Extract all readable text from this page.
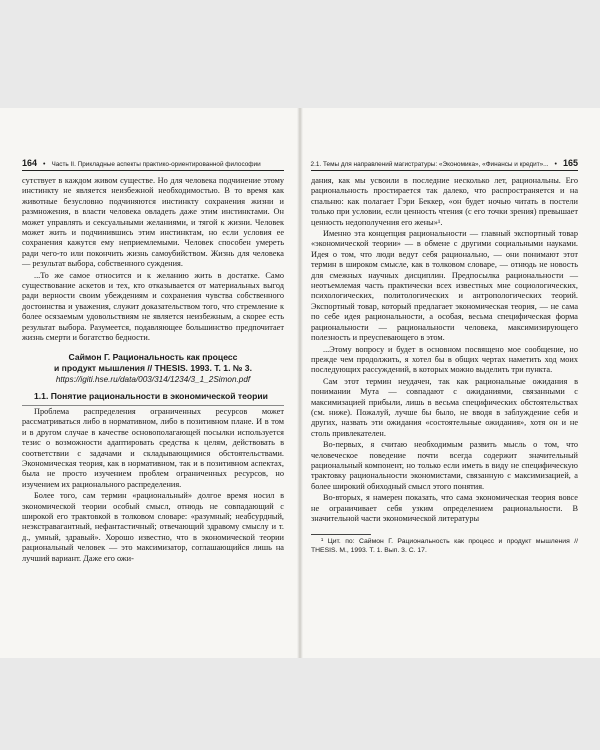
164 • Часть II. Прикладные аспекты практико-ориентированной философии

сутствует в каждом живом существе. Но для человека подчинение этому инстинкту не является неизбежной необходимостью. В то время как животные безусловно подчиняются инстинкту сохранения жизни и размножения, в власти человека овладеть даже этим инстинктами. Он может управлять и сексуальными желаниями, и тягой к жизни. Человек может жить и подчинившись этим инстинктам, но если условия ее сохранения кажутся ему неприемлемыми. Человек способен умереть ради чего-то или покончить жизнь самоубийством. Жизнь для человека — результат выбора, собственного суждения.

...То же самое относится и к желанию жить в достатке. Само существование аскетов и тех, кто отказывается от материальных выгод ради верности своим убеждениям и сохранения чувства собственного достоинства и уважения, служит доказательством того, что стремление к более осязаемым удовольствиям не является неизбежным, а скорее есть результат выбора. Разумеется, подавляющее большинство предпочитает жизнь смерти и богатство бедности.

Саймон Г. Рациональность как процесс
и продукт мышления // THESIS. 1993. Т. 1. № 3.
https://igiti.hse.ru/data/003/314/1234/3_1_2Simon.pdf
1.1. Понятие рациональности в экономической теории

Проблема распределения ограниченных ресурсов может рассматриваться либо в нормативном, либо в позитивном плане. И в том и в другом случае в качестве основополагающей посылки используется тезис о возможности адаптировать средства к целям, действовать в соответствии с задачами и складывающимися обстоятельствами. Экономическая теория, как в нормативном, так и в позитивном аспектах, была не просто изучением проблем ограниченных ресурсов, но изучением их рационального распределения.

Более того, сам термин «рациональный» долгое время носил в экономической теории особый смысл, отнюдь не совпадающий с широкой его трактовкой в толковом словаре: «разумный; неабсурдный, неэкстравагантный, нефантастичный; отвечающий здравому смыслу и т. д., умный, здравый». Хорошо известно, что в экономической теории рациональный человек — это максимизатор, соглашающийся лишь на лучший вариант. Даже его ожи-

2.1. Темы для направлений магистратуры: «Экономика», «Финансы и кредит»... • 165

дания, как мы усвоили в последние несколько лет, рациональны. Его рациональность простирается так далеко, что распространяется и на спальню: как полагает Гэри Беккер, «он будет ночью читать в постели только при условии, если ценность чтения (с его точки зрения) превышает ценность недополучения его жены»¹.

Именно эта концепция рациональности — главный экспортный товар «экономической теории» — в обмене с другими социальными науками. Идея о том, что люди ведут себя рационально, — они понимают этот термин в широком смысле, как в толковом словаре, — отнюдь не новость для смежных научных дисциплин. Предпосылка рациональности — неотъемлемая часть практически всех известных мне социологических, психологических, политологических и антропологических теорий. Экспортный товар, который предлагает экономическая теория, — не сама по себе идея рациональности, а особая, весьма специфическая форма рациональности — рациональности человека, максимизирующего полезность и преуспевающего в этом.

...Этому вопросу и будет в основном посвящено мое сообщение, но прежде чем продолжить, я хотел бы в общих чертах наметить ход моих последующих рассуждений, в которых можно выделить три пункта.

Сам этот термин неудачен, так как рациональные ожидания в понимании Мута — совпадают с ожиданиями, связанными с максимизацией прибыли, лишь в весьма специфических обстоятельствах (см. ниже). Пожалуй, лучше бы было, не вводя в заблуждение себя и других, назвать эти ожидания «состоятельные ожидания», хотя он и не столь привлекателен.

Во-первых, я считаю необходимым развить мысль о том, что человеческое поведение почти всегда содержит значительный рациональный компонент, но только если иметь в виду не специфическую трактовку рациональности экономистами, связанную с максимизацией, а более широкий обиходный смысл этого понятия.

Во-вторых, я намерен показать, что сама экономическая теория вовсе не ограничивает себя узким определением рациональности. В значительной части экономической литературы

¹ Цит. по: Саймон Г. Рациональность как процесс и продукт мышления // THESIS. М., 1993. Т. 1. Вып. 3. С. 17.
